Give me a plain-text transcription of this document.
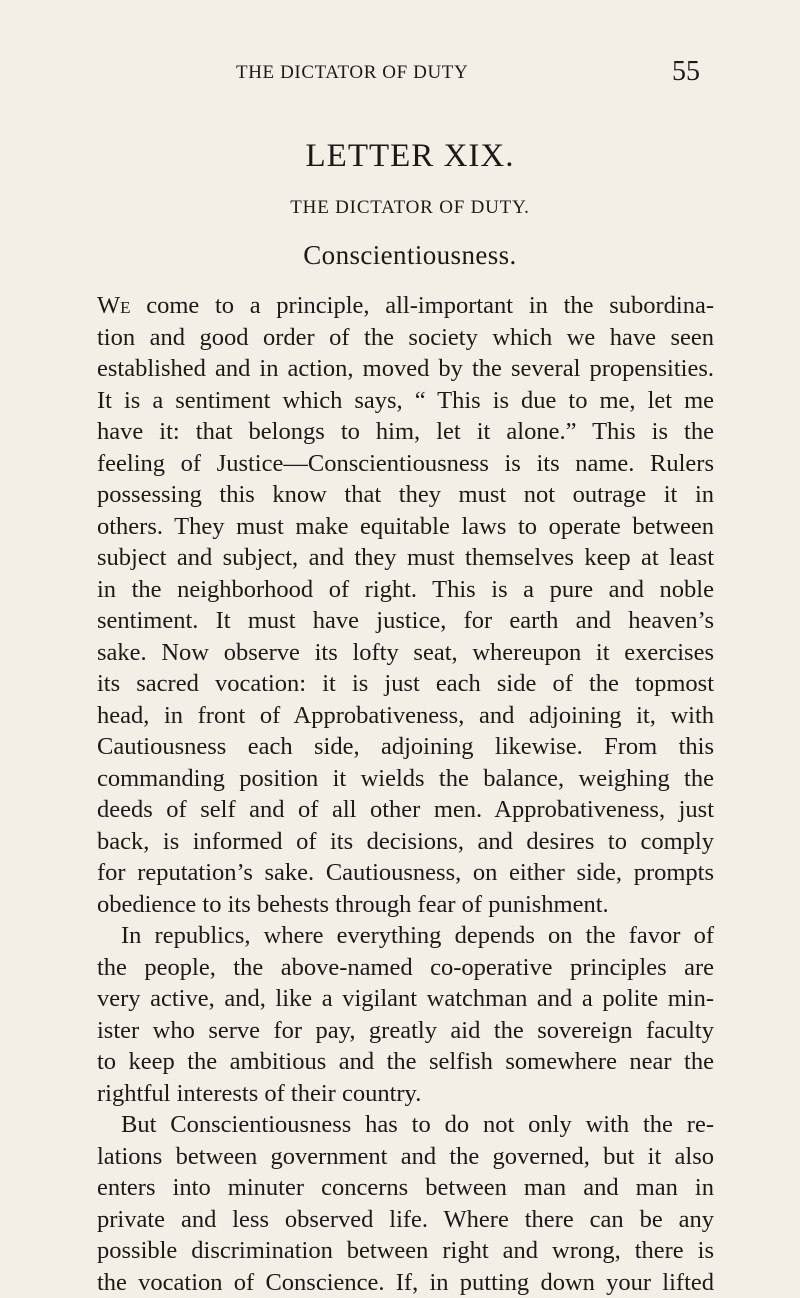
THE DICTATOR OF DUTY	55
LETTER XIX.
THE DICTATOR OF DUTY.
Conscientiousness.
We come to a principle, all-important in the subordina-
tion and good order of the society which we have seen
established and in action, moved by the several propensities.
It is a sentiment which says, “ This is due to me, let me
have it: that belongs to him, let it alone.” This is the
feeling of Justice—Conscientiousness is its name. Rulers
possessing this know that they must not outrage it in
others. They must make equitable laws to operate between
subject and subject, and they must themselves keep at least
in the neighborhood of right. This is a pure and noble
sentiment. It must have justice, for earth and heaven’s
sake. Now observe its lofty seat, whereupon it exercises
its sacred vocation: it is just each side of the topmost
head, in front of Approbativeness, and adjoining it, with
Cautiousness each side, adjoining likewise. From this
commanding position it wields the balance, weighing the
deeds of self and of all other men. Approbativeness, just
back, is informed of its decisions, and desires to comply
for reputation’s sake. Cautiousness, on either side, prompts
obedience to its behests through fear of punishment.
In republics, where everything depends on the favor of
the people, the above-named co-operative principles are
very active, and, like a vigilant watchman and a polite min-
ister who serve for pay, greatly aid the sovereign faculty
to keep the ambitious and the selfish somewhere near the
rightful interests of their country.
But Conscientiousness has to do not only with the re-
lations between government and the governed, but it also
enters into minuter concerns between man and man in
private and less observed life. Where there can be any
possible discrimination between right and wrong, there is
the vocation of Conscience. If, in putting down your lifted
